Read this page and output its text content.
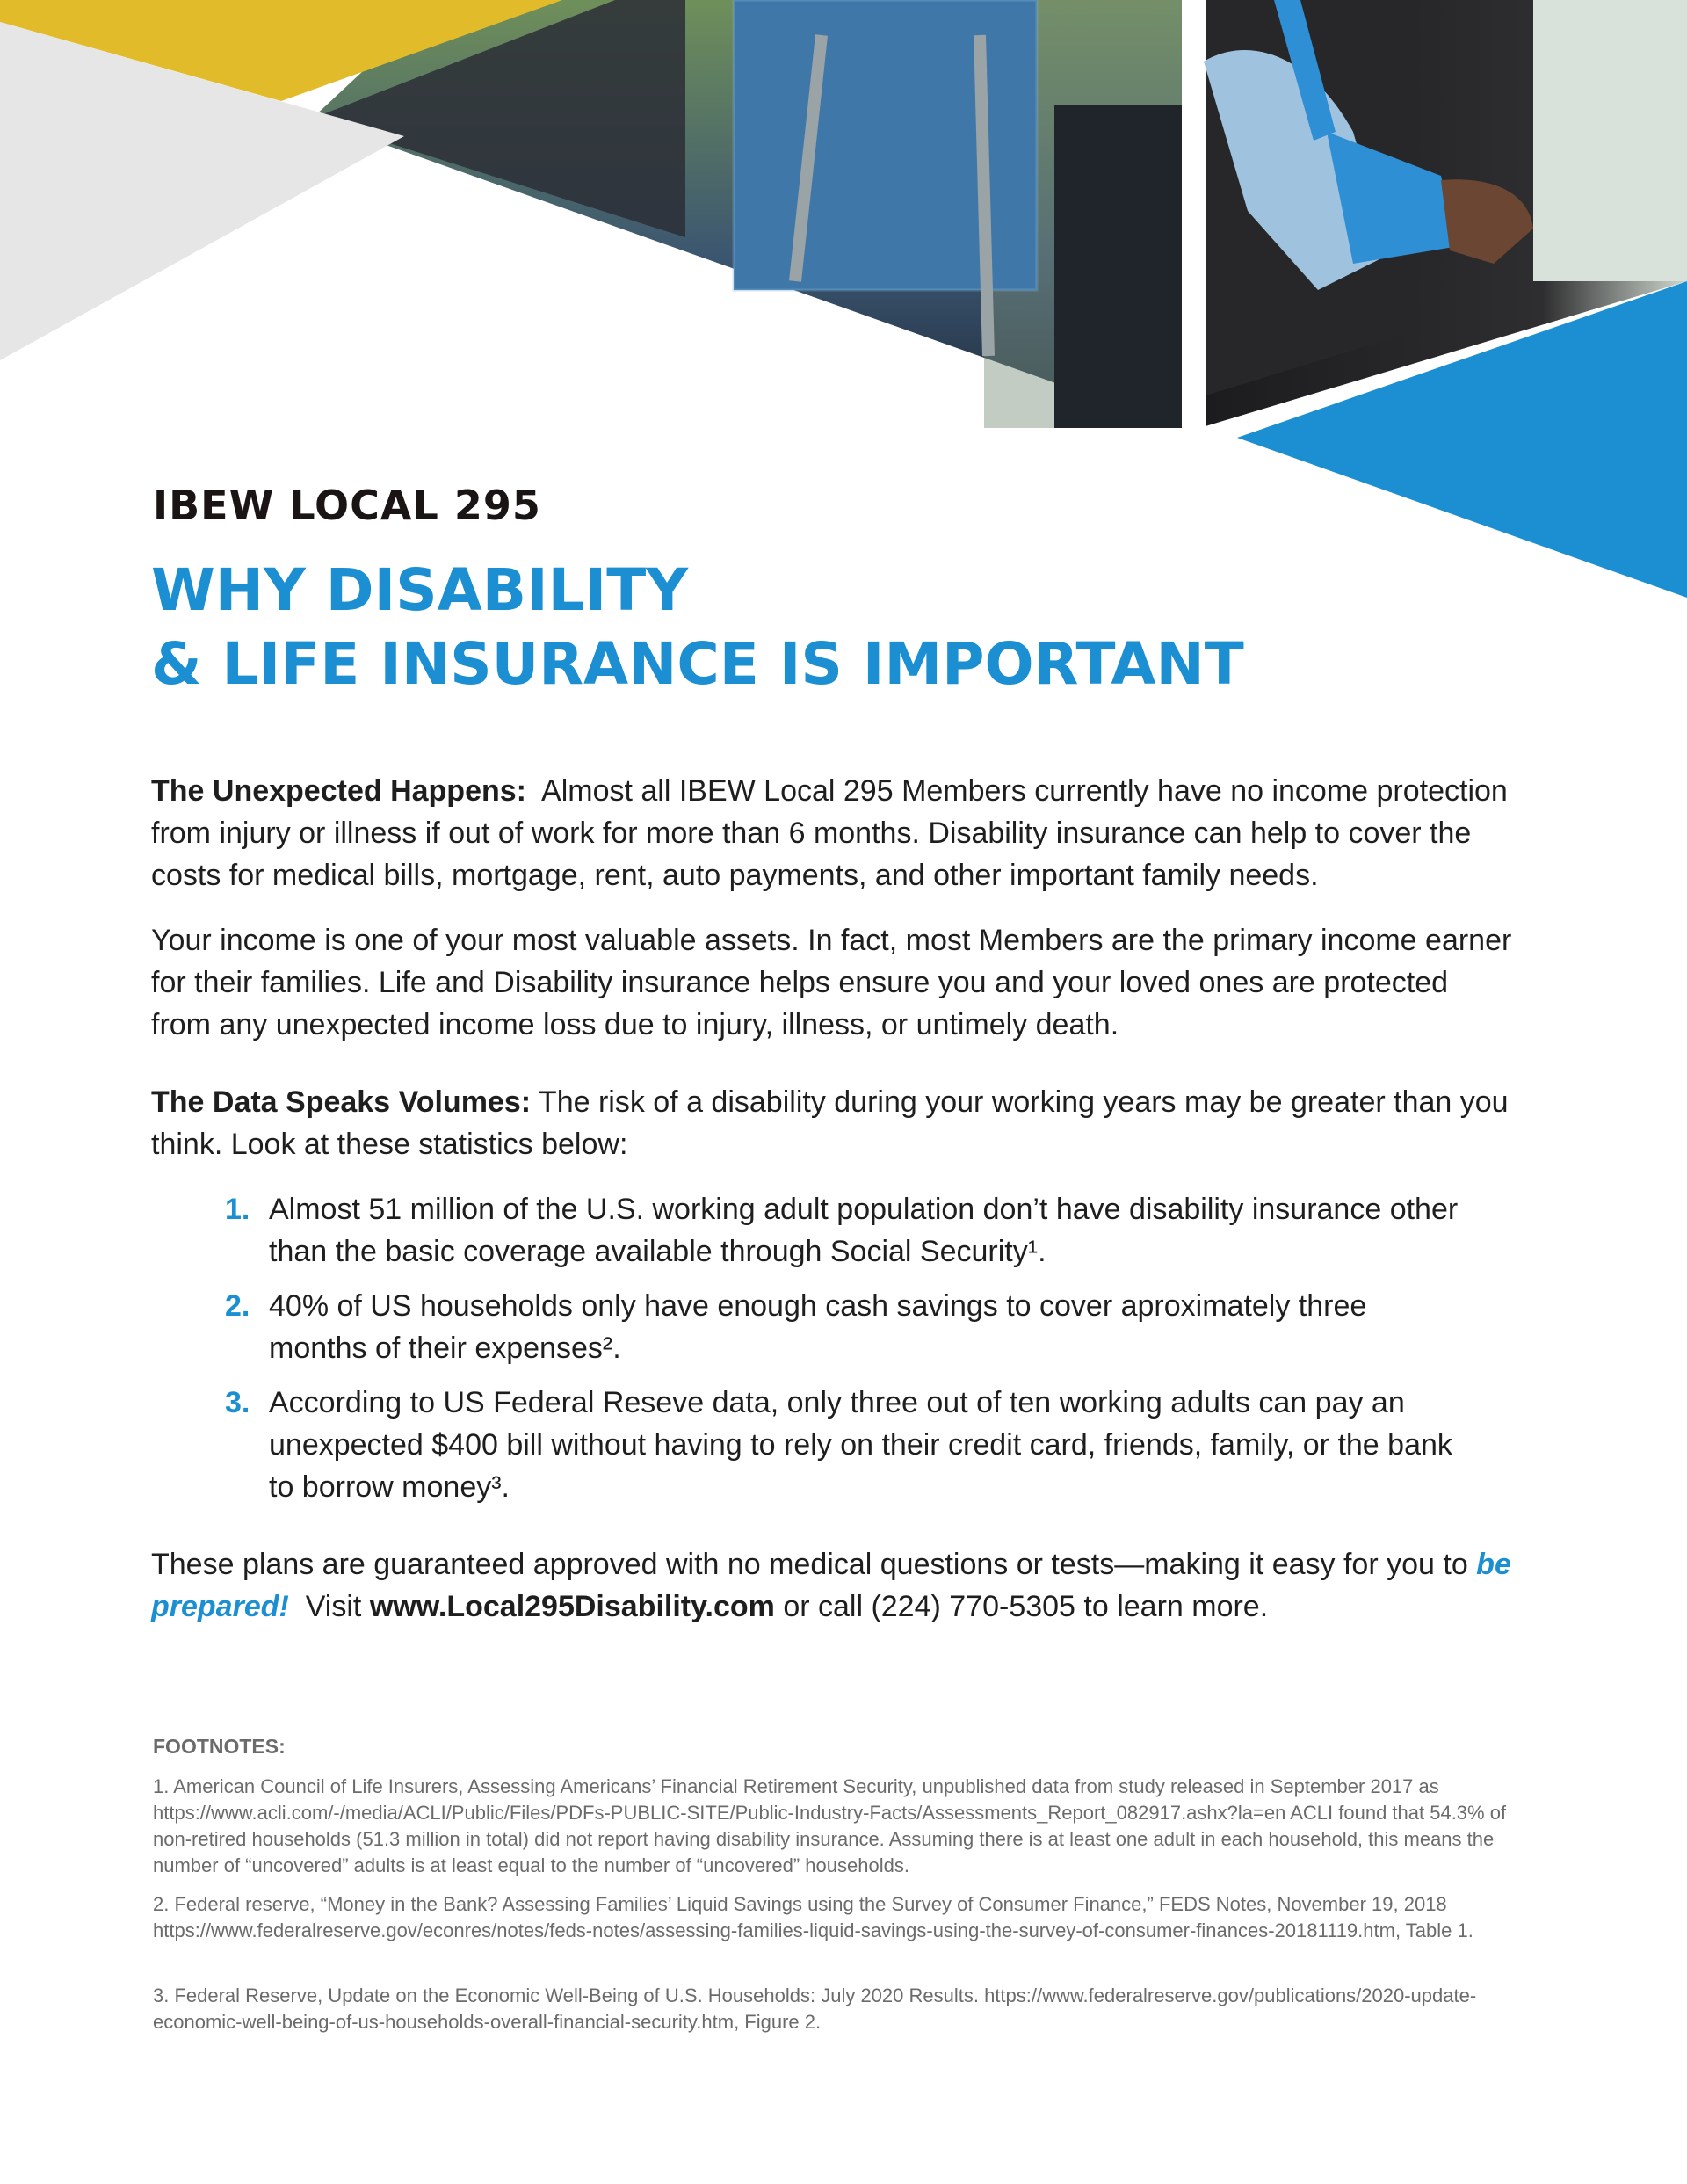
IBEW LOCAL 295
WHY DISABILITY
& LIFE INSURANCE IS IMPORTANT

The Unexpected Happens: Almost all IBEW Local 295 Members currently have no income protection from injury or illness if out of work for more than 6 months. Disability insurance can help to cover the costs for medical bills, mortgage, rent, auto payments, and other important family needs.

Your income is one of your most valuable assets. In fact, most Members are the primary income earner for their families. Life and Disability insurance helps ensure you and your loved ones are protected from any unexpected income loss due to injury, illness, or untimely death.

The Data Speaks Volumes: The risk of a disability during your working years may be greater than you think. Look at these statistics below:

1. Almost 51 million of the U.S. working adult population don’t have disability insurance other than the basic coverage available through Social Security¹.
2. 40% of US households only have enough cash savings to cover aproximately three months of their expenses².
3. According to US Federal Reseve data, only three out of ten working adults can pay an unexpected $400 bill without having to rely on their credit card, friends, family, or the bank to borrow money³.

These plans are guaranteed approved with no medical questions or tests—making it easy for you to be prepared! Visit www.Local295Disability.com or call (224) 770-5305 to learn more.

FOOTNOTES:

1. American Council of Life Insurers, Assessing Americans’ Financial Retirement Security, unpublished data from study released in September 2017 as https://www.acli.com/-/media/ACLI/Public/Files/PDFs-PUBLIC-SITE/Public-Industry-Facts/Assessments_Report_082917.ashx?la=en ACLI found that 54.3% of non-retired households (51.3 million in total) did not report having disability insurance. Assuming there is at least one adult in each household, this means the number of “uncovered” adults is at least equal to the number of “uncovered” households.

2. Federal reserve, “Money in the Bank? Assessing Families’ Liquid Savings using the Survey of Consumer Finance,” FEDS Notes, November 19, 2018 https://www.federalreserve.gov/econres/notes/feds-notes/assessing-families-liquid-savings-using-the-survey-of-consumer-finances-20181119.htm, Table 1.

3. Federal Reserve, Update on the Economic Well-Being of U.S. Households: July 2020 Results. https://www.federalreserve.gov/publications/2020-update-economic-well-being-of-us-households-overall-financial-security.htm, Figure 2.
